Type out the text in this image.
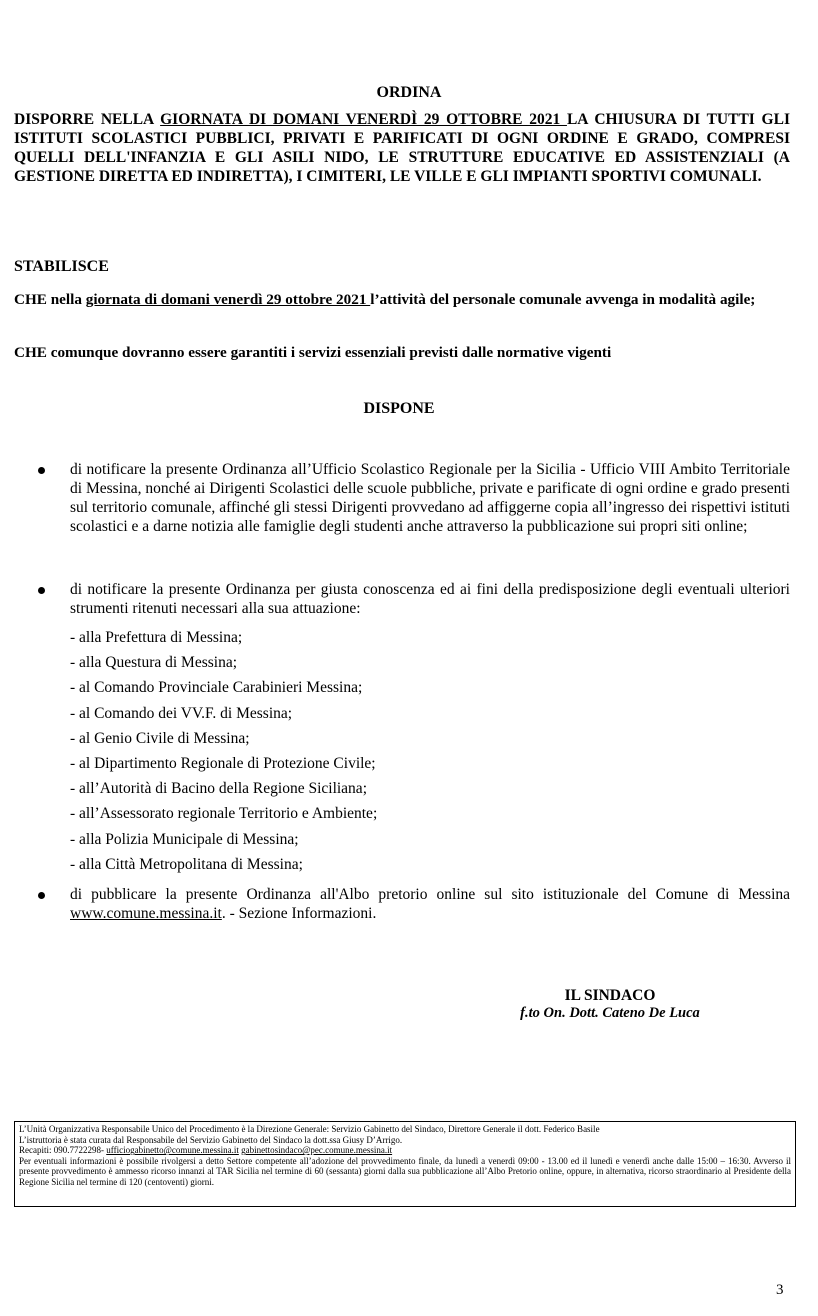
ORDINA
DISPORRE NELLA GIORNATA DI DOMANI VENERDÌ 29 OTTOBRE 2021 LA CHIUSURA DI TUTTI GLI ISTITUTI SCOLASTICI PUBBLICI, PRIVATI E PARIFICATI DI OGNI ORDINE E GRADO, COMPRESI QUELLI DELL'INFANZIA E GLI ASILI NIDO, LE STRUTTURE EDUCATIVE ED ASSISTENZIALI (A GESTIONE DIRETTA ED INDIRETTA), I CIMITERI, LE VILLE E GLI IMPIANTI SPORTIVI COMUNALI.
STABILISCE
CHE nella giornata di domani venerdì 29 ottobre 2021 l’attività del personale comunale avvenga in modalità agile;
CHE comunque dovranno essere garantiti i servizi essenziali previsti dalle normative vigenti
DISPONE
di notificare la presente Ordinanza all’Ufficio Scolastico Regionale per la Sicilia - Ufficio VIII Ambito Territoriale di Messina, nonché ai Dirigenti Scolastici delle scuole pubbliche, private e parificate di ogni ordine e grado presenti sul territorio comunale, affinché gli stessi Dirigenti provvedano ad affiggerne copia all’ingresso dei rispettivi istituti scolastici e a darne notizia alle famiglie degli studenti anche attraverso la pubblicazione sui propri siti online;
di notificare la presente Ordinanza per giusta conoscenza ed ai fini della predisposizione degli eventuali ulteriori strumenti ritenuti necessari alla sua attuazione:
- alla Prefettura di Messina;
- alla Questura di Messina;
- al Comando Provinciale Carabinieri Messina;
- al Comando dei VV.F. di Messina;
- al Genio Civile di Messina;
- al Dipartimento Regionale di Protezione Civile;
- all’Autorità di Bacino della Regione Siciliana;
- all’Assessorato regionale Territorio e Ambiente;
- alla Polizia Municipale di Messina;
- alla Città Metropolitana di Messina;
di pubblicare la presente Ordinanza all'Albo pretorio online sul sito istituzionale del Comune di Messina www.comune.messina.it. - Sezione Informazioni.
IL SINDACO
f.to On. Dott. Cateno De Luca
L’Unità Organizzativa Responsabile Unico del Procedimento è la Direzione Generale: Servizio Gabinetto del Sindaco, Direttore Generale il dott. Federico Basile
L’istruttoria è stata curata dal Responsabile del Servizio Gabinetto del Sindaco la dott.ssa Giusy D’Arrigo.
Recapiti: 090.7722298- ufficiogabinetto@comune.messina.it gabinettosindaco@pec.comune.messina.it
Per eventuali informazioni è possibile rivolgersi a detto Settore competente all’adozione del provvedimento finale, da lunedì a venerdì 09:00 - 13.00 ed il lunedì e venerdì anche dalle 15:00 – 16:30. Avverso il presente provvedimento è ammesso ricorso innanzi al TAR Sicilia nel termine di 60 (sessanta) giorni dalla sua pubblicazione all’Albo Pretorio online, oppure, in alternativa, ricorso straordinario al Presidente della Regione Sicilia nel termine di 120 (centoventi) giorni.
3
